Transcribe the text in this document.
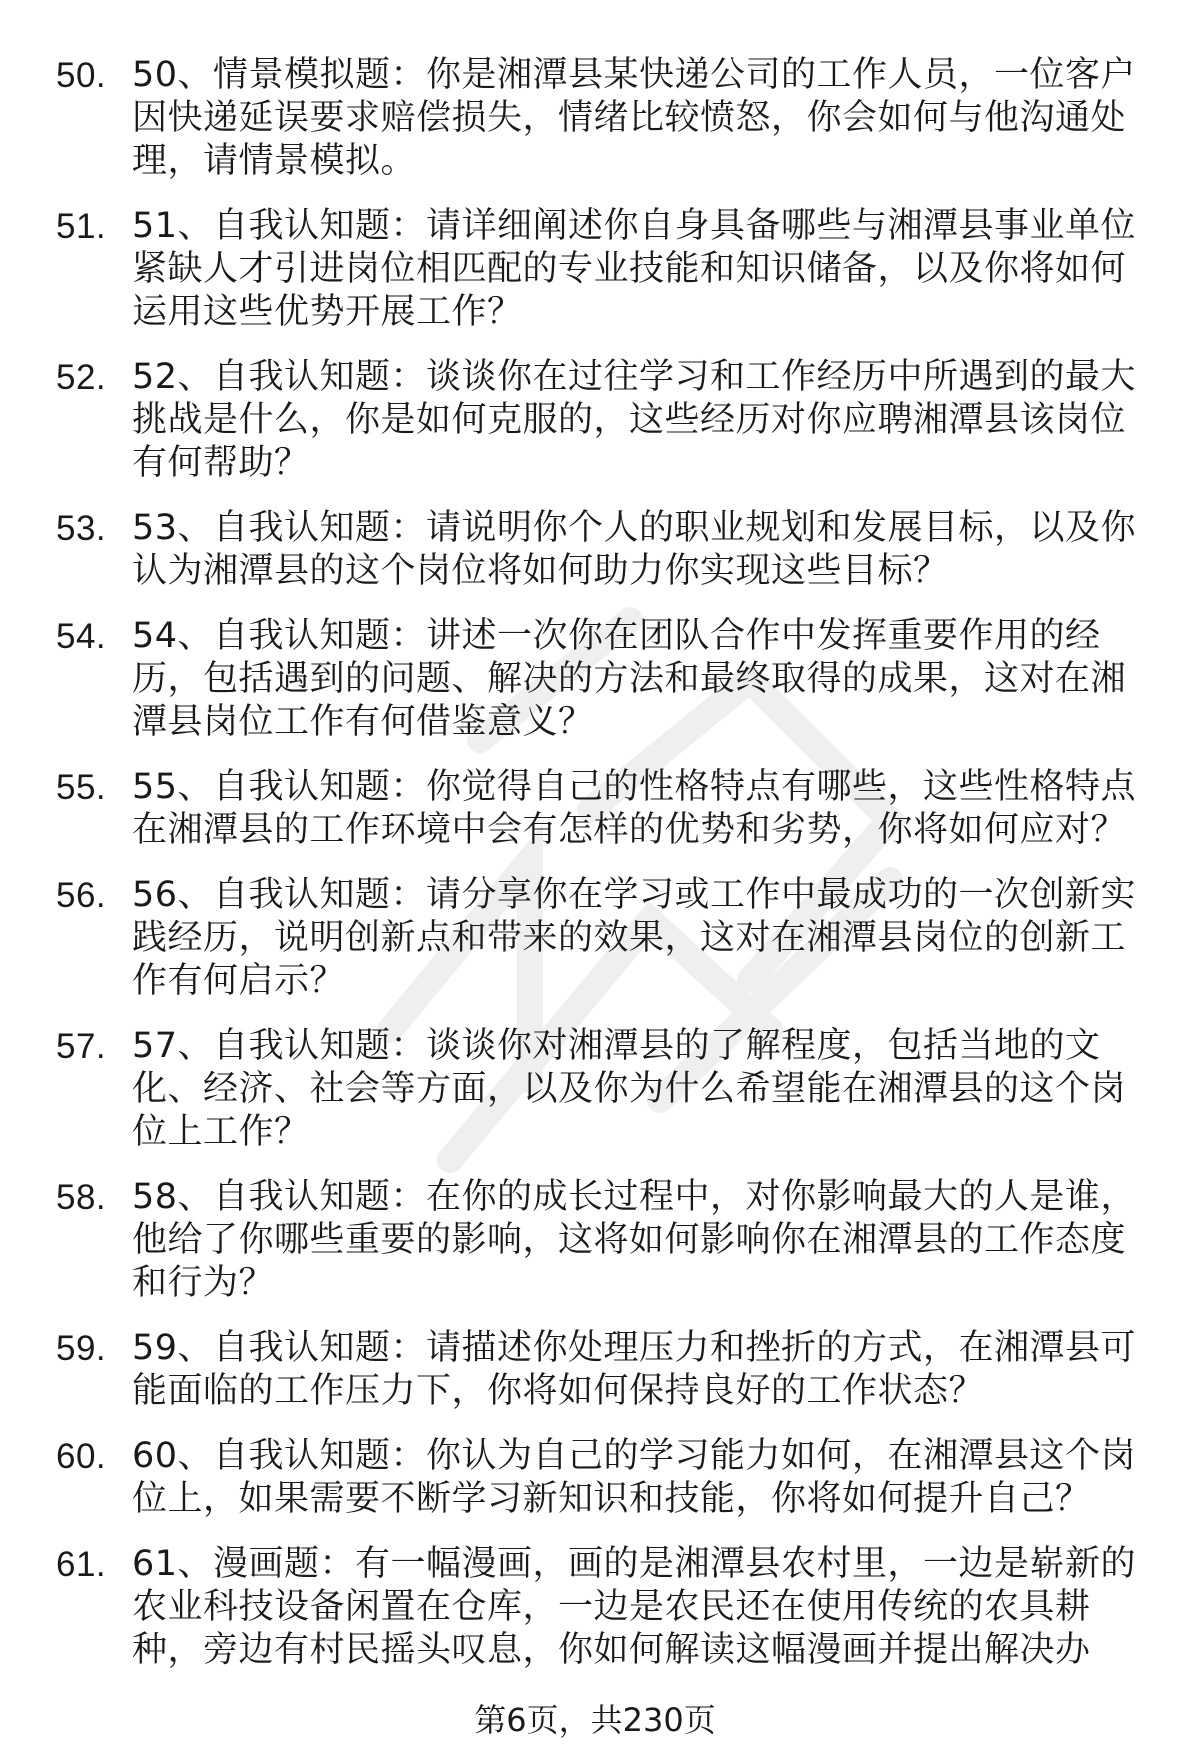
50. 50、情景模拟题：你是湘潭县某快递公司的工作人员，一位客户因快递延误要求赔偿损失，情绪比较愤怒，你会如何与他沟通处理，请情景模拟。
51. 51、自我认知题：请详细阐述你自身具备哪些与湘潭县事业单位紧缺人才引进岗位相匹配的专业技能和知识储备，以及你将如何运用这些优势开展工作？
52. 52、自我认知题：谈谈你在过往学习和工作经历中所遇到的最大挑战是什么，你是如何克服的，这些经历对你应聘湘潭县该岗位有何帮助？
53. 53、自我认知题：请说明你个人的职业规划和发展目标，以及你认为湘潭县的这个岗位将如何助力你实现这些目标？
54. 54、自我认知题：讲述一次你在团队合作中发挥重要作用的经历，包括遇到的问题、解决的方法和最终取得的成果，这对在湘潭县岗位工作有何借鉴意义？
55. 55、自我认知题：你觉得自己的性格特点有哪些，这些性格特点在湘潭县的工作环境中会有怎样的优势和劣势，你将如何应对？
56. 56、自我认知题：请分享你在学习或工作中最成功的一次创新实践经历，说明创新点和带来的效果，这对在湘潭县岗位的创新工作有何启示？
57. 57、自我认知题：谈谈你对湘潭县的了解程度，包括当地的文化、经济、社会等方面，以及你为什么希望能在湘潭县的这个岗位上工作？
58. 58、自我认知题：在你的成长过程中，对你影响最大的人是谁，他给了你哪些重要的影响，这将如何影响你在湘潭县的工作态度和行为？
59. 59、自我认知题：请描述你处理压力和挫折的方式，在湘潭县可能面临的工作压力下，你将如何保持良好的工作状态？
60. 60、自我认知题：你认为自己的学习能力如何，在湘潭县这个岗位上，如果需要不断学习新知识和技能，你将如何提升自己？
61. 61、漫画题：有一幅漫画，画的是湘潭县农村里，一边是崭新的农业科技设备闲置在仓库，一边是农民还在使用传统的农具耕种，旁边有村民摇头叹息，你如何解读这幅漫画并提出解决办
第6页，共230页
